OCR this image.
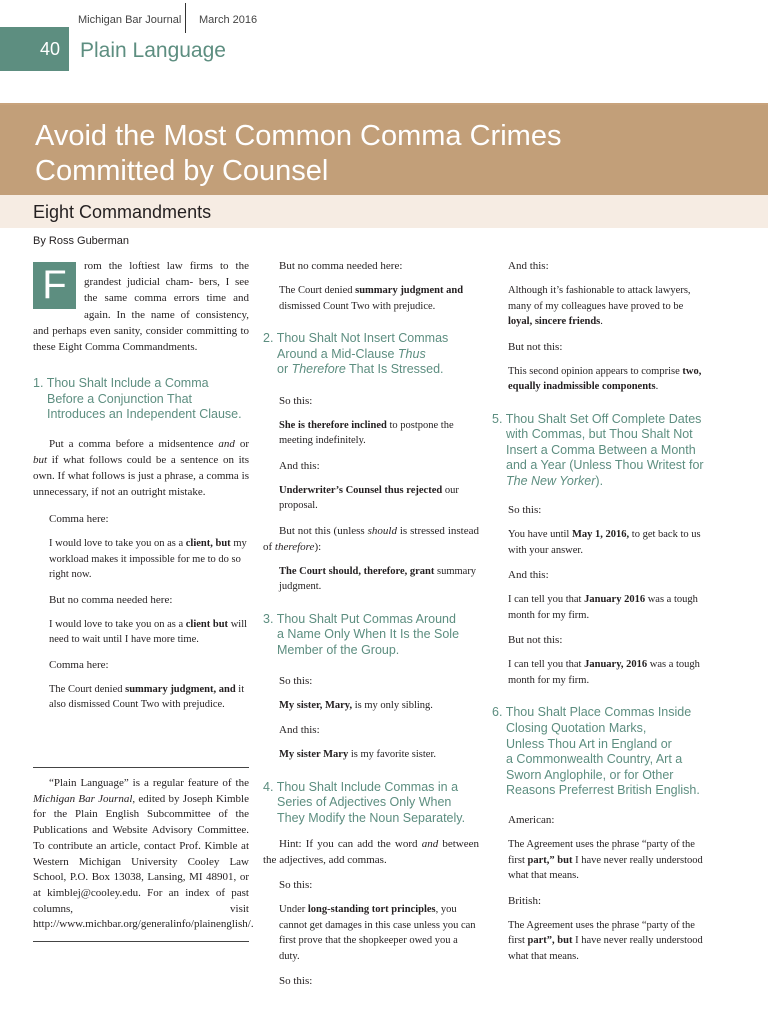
40
Michigan Bar Journal March 2016
Plain Language
Avoid the Most Common Comma Crimes
Committed by Counsel
Eight Commandments
By Ross Guberman
F	rom the loftiest law firms to the grandest judicial cham- bers, I see the same comma errors time and again. In the name of consistency, and perhaps even sanity, consider committing to these Eight Comma Commandments.
1. Thou Shalt Include a Comma
Before a Conjunction That
Introduces an Independent Clause.

Put a comma before a midsentence and or but if what follows could be a sentence on its own. If what follows is just a phrase, a comma is unnecessary, if not an outright mistake.

Comma here:

I would love to take you on as a client, but my workload makes it impossible for me to do so right now.

But no comma needed here:

I would love to take you on as a client but will need to wait until I have more time.

Comma here:

The Court denied summary judgment, and it also dismissed Count Two with prejudice.

“Plain Language” is a regular feature of the Michigan Bar Journal, edited by Joseph Kimble for the Plain English Subcommittee of the Publications and Website Advisory Committee. To contribute an article, contact Prof. Kimble at Western Michigan University Cooley Law School, P.O. Box 13038, Lansing, MI 48901, or at kimblej@cooley.edu. For an index of past columns, visit http://www.michbar.org/generalinfo/plainenglish/.

But no comma needed here:

The Court denied summary judgment and dismissed Count Two with prejudice.

2. Thou Shalt Not Insert Commas
Around a Mid-Clause Thus
or Therefore That Is Stressed.

So this:

She is therefore inclined to postpone the meeting indefinitely.

And this:

Underwriter’s Counsel thus rejected our proposal.

But not this (unless should is stressed instead of therefore):

The Court should, therefore, grant summary judgment.

3. Thou Shalt Put Commas Around
a Name Only When It Is the Sole
Member of the Group.

So this:

My sister, Mary, is my only sibling.

And this:

My sister Mary is my favorite sister.

4. Thou Shalt Include Commas in a
Series of Adjectives Only When
They Modify the Noun Separately.

Hint: If you can add the word and between the adjectives, add commas.

So this:

Under long-standing tort principles, you cannot get damages in this case unless you can first prove that the shopkeeper owed you a duty.

So this:

And this:

Although it’s fashionable to attack lawyers, many of my colleagues have proved to be loyal, sincere friends.

But not this:

This second opinion appears to comprise two, equally inadmissible components.

5. Thou Shalt Set Off Complete Dates
with Commas, but Thou Shalt Not
Insert a Comma Between a Month
and a Year (Unless Thou Writest for
The New Yorker).

So this:

You have until May 1, 2016, to get back to us with your answer.

And this:

I can tell you that January 2016 was a tough month for my firm.

But not this:

I can tell you that January, 2016 was a tough month for my firm.

6. Thou Shalt Place Commas Inside
Closing Quotation Marks,
Unless Thou Art in England or
a Commonwealth Country, Art a
Sworn Anglophile, or for Other
Reasons Preferrest British English.

American:

The Agreement uses the phrase “party of the first part,” but I have never really understood what that means.

British:

The Agreement uses the phrase “party of the first part”, but I have never really understood what that means.
